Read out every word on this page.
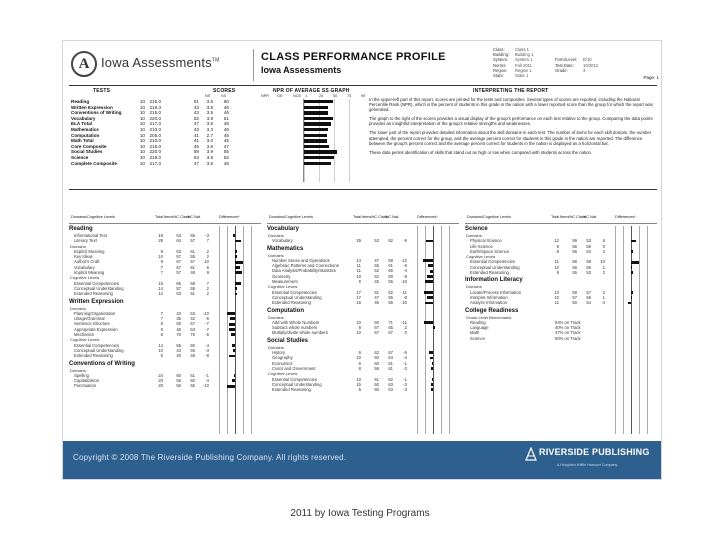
A Iowa Assessments™	CLASS PERFORMANCE PROFILE
Iowa Assessments
Class:	Class 1
Building:	Building 1
System:	System 1	Form/Level:	E/10
Norms:	Fall 2011	Test Date:	10/2012
Region:	Region 1	Grade:	3
State:	State 1	Page: 1
TESTS	SCORES	NPR OF AVERAGE SS GRAPH	INTERPRETING THE REPORT
NS	SS	NPR GE	NCE 1	25	50	75	99
Reading	10 215.0	51	3.6	50
Written Expression	10 216.3	43	3.5	46
Conventions of Writing	10 215.0	43	3.5	46
Vocabulary	10 220.0	52	3.9	51
ELA Total	10 217.0	47	3.6	48
Mathematics	10 210.0	43	3.3	46
Computation	10 205.0	41	2.7	45
Math Total	10 210.0	41	3.0	45
Core Composite	10 216.0	45	3.6	47
Social Studies	10 220.0	59	3.9	55
Science	10 219.0	53	3.8	52
Complete Composite	10 217.0	47	3.6	48

In the upper-left part of this report, scores are printed for the tests and composites. Several types of scores are reported, including the National Percentile Rank (NPR), which is the percent of students in this grade in the nation with a lower reported score than the group for which the report was generated.

The graph to the right of the scores provides a visual display of the group's performance on each test relative to the group. Comparing the data points provides an insightful interpretation of the group's relative strengths and weaknesses.

The lower part of the report provides detailed information about the skill domains in each test. The number of items for each skill domain, the number attempted, the percent correct for the group, and the average percent correct for students in this grade in the nation are reported. The difference between the group's percent correct and the average percent correct for students in the nation is displayed as a horizontal bar.

These data permit identification of skills that stand out as high or low when compared with students across the nation.

Domains/Cognitive Levels	Total Items %C Class
%C Nat.	Differences*
Reading
Informational Text	19	53	56	-3
Literary Text	28	64	57	7
Domains
Explicit Meaning	8	63	61	2
Key Ideas	10	57	55	2
Author's Craft	9	67	57	10
Vocabulary	7	67	61	6
Implicit Meaning	7	57	48	9
Cognitive Levels
Essential Competencies	15	66	59	7
Conceptual Understanding	14	57	55	2
Extended Reasoning	12	53	51	2
Written Expression
Domains
Planning/Organization	7	43	53	-10
Usage/Grammar	7	36	42	-6
Sentence Structure	8	50	57	-7
Appropriate Expression	6	46	53	-7
Mechanics	8	70	75	-5
Cognitive Levels
Essential Competencies	14	56	60	-4
Conceptual Understanding	10	43	46	-3
Extended Reasoning	6	40	48	-8
Conventions of Writing
Domains
Spelling	24	60	61	-1
Capitalization	20	56	60	-4
Punctuation	20	56	66	-10
Domains/Cognitive Levels	Total Items %C Class
%C Nat.	Differences*
Vocabulary
Domains
Vocabulary	29	53	62	-9
Mathematics
Domains
Number Sense and Operations	14	47	59	-12
Algebraic Patterns and Connections	11	55	61	-6
Data Analysis/Probability/Statistics	11	52	56	-4
Geometry	10	52	60	-8
Measurement	8	45	55	-10
Cognitive Levels
Essential Competencies	17	51	62	-11
Conceptual Understanding	17	47	55	-8
Extended Reasoning	16	46	56	-10
Computation
Domains
Add with Whole Numbers	10	60	71	-11
Subtract whole numbers	8	67	65	2
Multiply/divide whole numbers	10	67	67	0
Social Studies
Domains
History	6	62	67	-5
Geography	10	60	64	-4
Economics	6	60	61	-1
Civics and Government	8	58	61	-3
Cognitive Levels
Essential Competencies	10	61	62	-1
Conceptual Understanding	15	60	63	-3
Extended Reasoning	5	60	63	-3
Domains/Cognitive Levels	Total Items %C Class
%C Nat.	Differences*
Science
Domains
Physical Science	12	59	53	6
Life Science	9	56	56	0
Earth/Space Science	9	56	53	3
Cognitive Levels
Essential Competencies	11	68	58	10
Conceptual Understanding	10	56	55	1
Extended Reasoning	9	55	53	2
Information Literacy
Domains
Locate/Process Information	13	59	57	2
Interpret Information	10	57	56	1
Analyze Information	11	50	54	-4
College Readiness
Grade-Level Benchmarks
Reading	53% on Track
Language	40% on Track
Math	47% on Track
Science	50% on Track
Copyright © 2008 The Riverside Publishing Company. All rights reserved.
RIVERSIDE PUBLISHING
A Houghton Mifflin Harcourt Company
2011 by Iowa Testing Programs
